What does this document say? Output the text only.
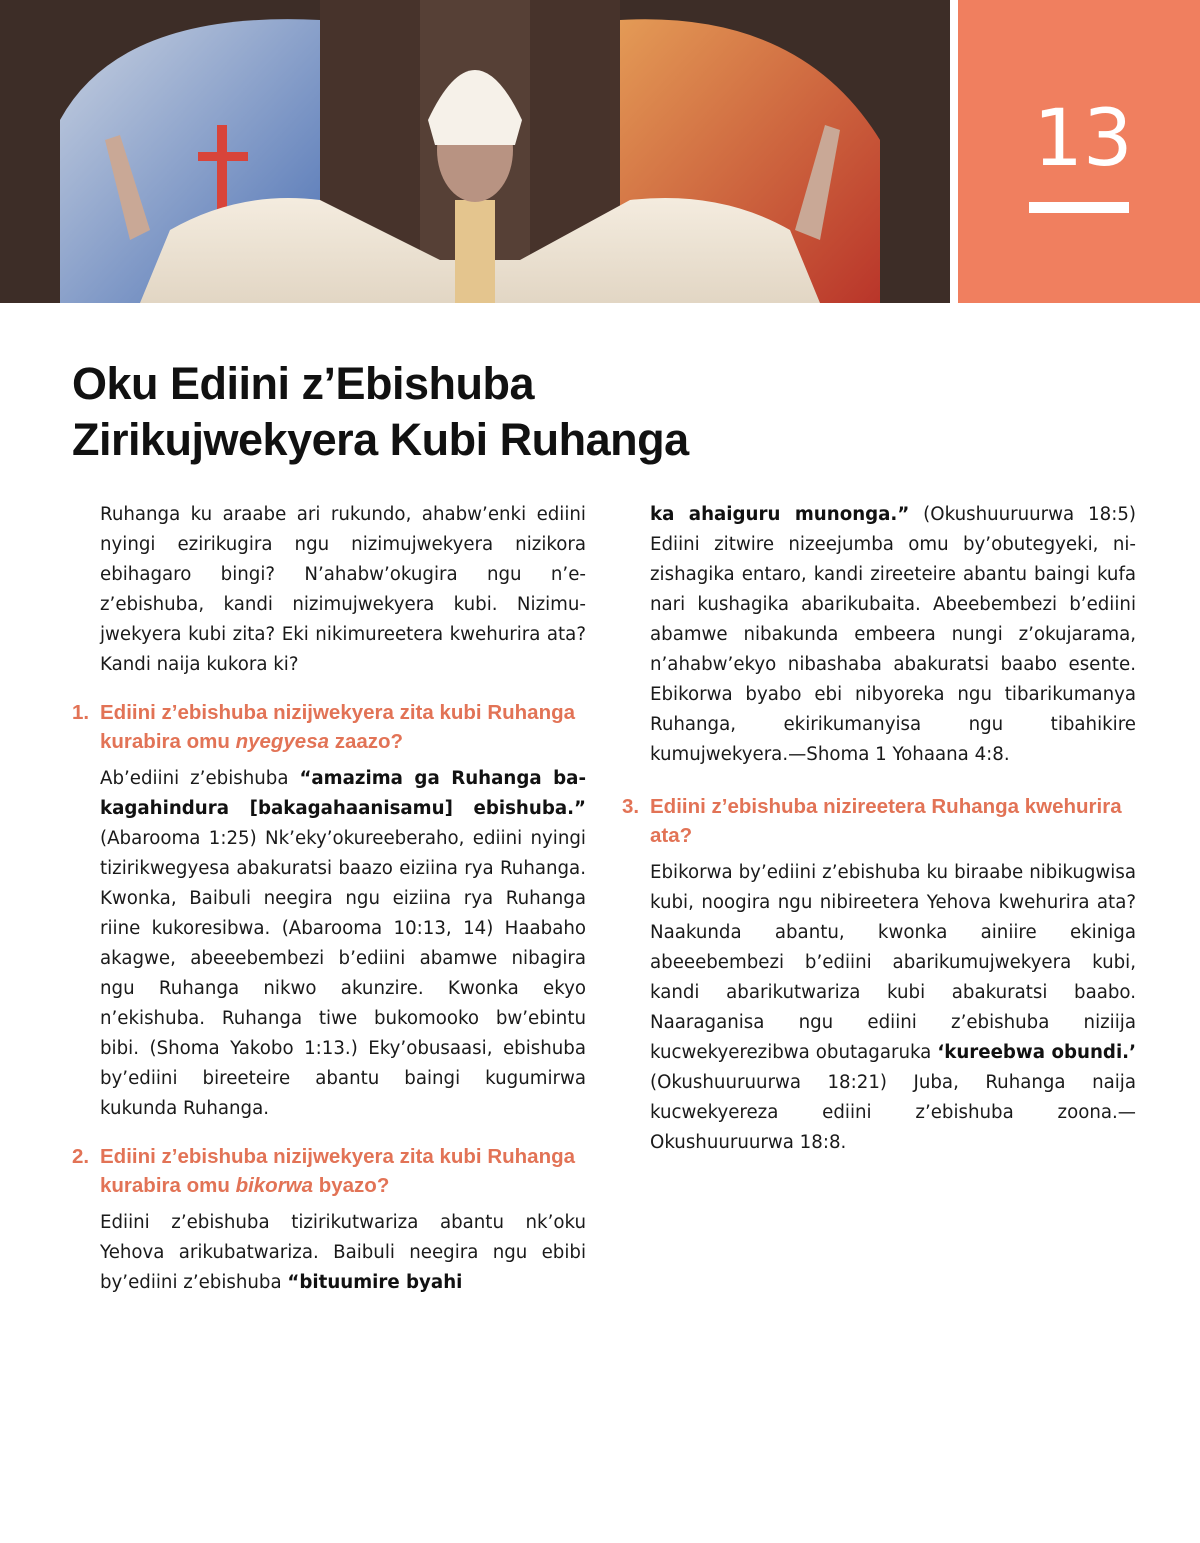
13
Oku Ediini z’Ebishuba
Zirikujwekyera Kubi Ruhanga

Ruhanga ku araabe ari rukundo, ahabw’enki ediini nyingi ezirikugira ngu nizimujwekyera nizikora ebihagaro bingi? N’ahabw’okugira ngu n’ez’ebishuba, kandi nizimujwekyera kubi. Nizimujwekyera kubi zita? Eki nikimureetera kwehurira ata? Kandi naija kukora ki?

1. Ediini z’ebishuba nizijwekyera zita kubi Ruhanga kurabira omu nyegyesa zaazo?

Ab’ediini z’ebishuba “amazima ga Ruhanga bakagahindura [bakagahaanisamu] ebishuba.” (Abarooma 1:25) Nk’eky’okureeberaho, ediini nyingi tizirikwegyesa abakuratsi baazo eiziina rya Ruhanga. Kwonka, Baibuli neegira ngu eiziina rya Ruhanga riine kukoresibwa. (Abarooma 10:13, 14) Haabaho akagwe, abeeebembezi b’ediini abamwe nibagira ngu Ruhanga nikwo akunzire. Kwonka ekyo n’ekishuba. Ruhanga tiwe bukomooko bw’ebintu bibi. (Shoma Yakobo 1:13.) Eky’obusaasi, ebishuba by’ediini bireeteire abantu baingi kugumirwa kukunda Ruhanga.

2. Ediini z’ebishuba nizijwekyera zita kubi Ruhanga kurabira omu bikorwa byazo?

Ediini z’ebishuba tizirikutwariza abantu nk’oku Yehova arikubatwariza. Baibuli neegira ngu ebibi by’ediini z’ebishuba “bituumire byahi

ka ahaiguru munonga.” (Okushuuruurwa 18:5) Ediini zitwire nizeejumba omu by’obutegyeki, nizishagika entaro, kandi zireeteire abantu baingi kufa nari kushagika abarikubaita. Abeebembezi b’ediini abamwe nibakunda embeera nungi z’okujarama, n’ahabw’ekyo nibashaba abakuratsi baabo esente. Ebikorwa byabo ebi nibyoreka ngu tibarikumanya Ruhanga, ekirikumanyisa ngu tibahikire kumujwekyera.—Shoma 1 Yohaana 4:8.

3. Ediini z’ebishuba nizireetera Ruhanga kwehurira ata?

Ebikorwa by’ediini z’ebishuba ku biraabe nibikugwisa kubi, noogira ngu nibireetera Yehova kwehurira ata? Naakunda abantu, kwonka ainiire ekiniga abeeebembezi b’ediini abarikumujwekyera kubi, kandi abarikutwariza kubi abakuratsi baabo. Naaraganisa ngu ediini z’ebishuba niziija kucwekyerezibwa obutagaruka ‘kureebwa obundi.’ (Okushuuruurwa 18:21) Juba, Ruhanga naija kucwekyereza ediini z’ebishuba zoona.—Okushuuruurwa 18:8.
